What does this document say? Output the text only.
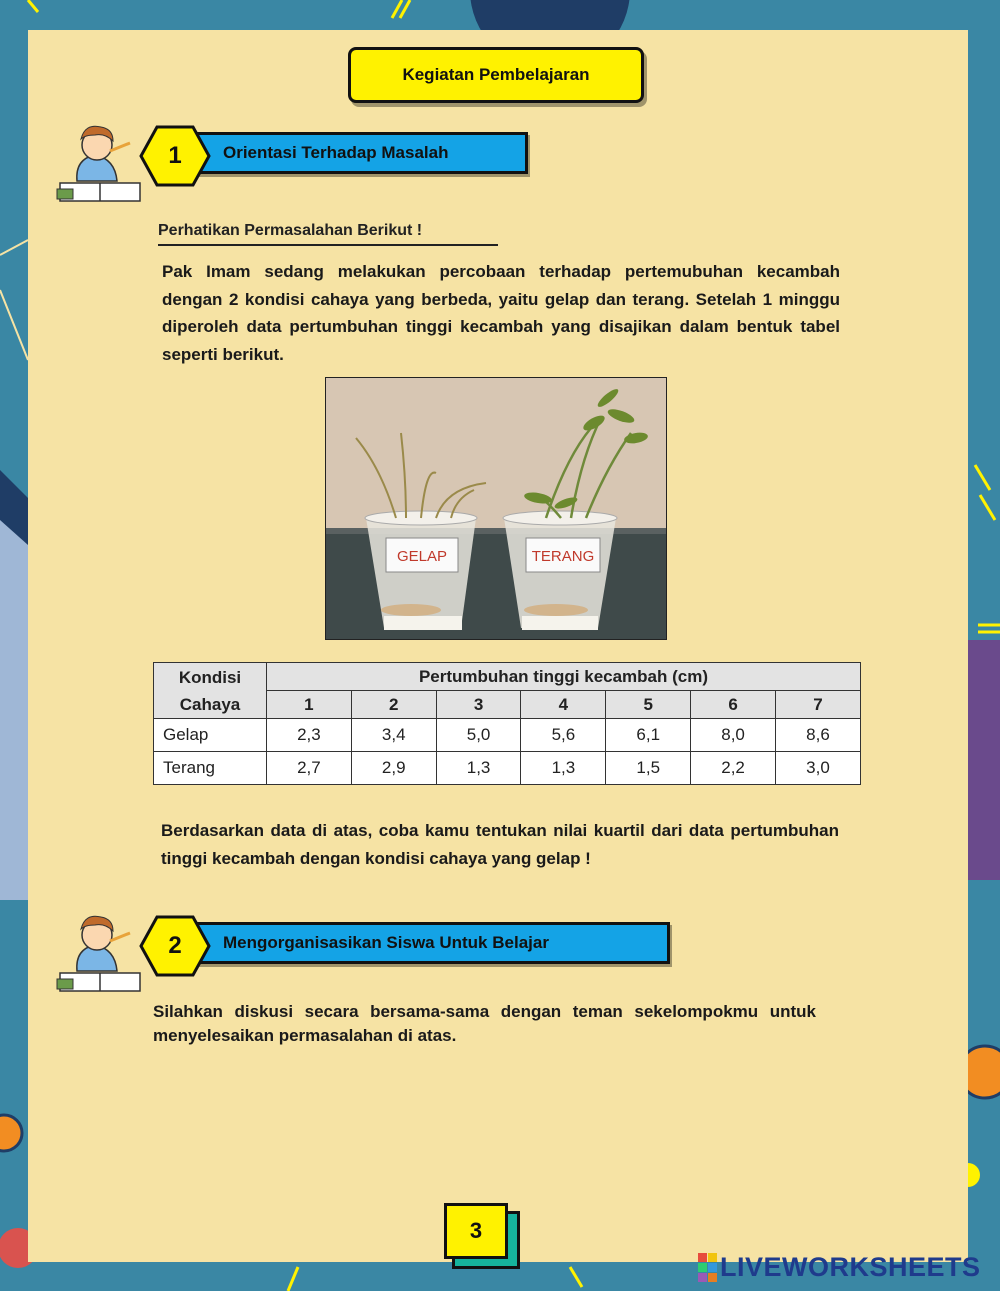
Kegiatan Pembelajaran
Orientasi Terhadap Masalah
1
Perhatikan Permasalahan Berikut !
Pak Imam sedang melakukan percobaan terhadap pertemubuhan kecambah dengan 2 kondisi cahaya yang berbeda, yaitu gelap dan terang. Setelah 1 minggu diperoleh data pertumbuhan tinggi kecambah yang disajikan dalam bentuk tabel seperti berikut.
GELAP	TERANG
Kondisi Cahaya	Pertumbuhan tinggi kecambah (cm)						
	1	2	3	4	5	6	7
Gelap	2,3	3,4	5,0	5,6	6,1	8,0	8,6
Terang	2,7	2,9	1,3	1,3	1,5	2,2	3,0
Berdasarkan data di atas, coba kamu tentukan nilai kuartil dari data pertumbuhan tinggi kecambah dengan kondisi cahaya yang gelap !
Mengorganisasikan Siswa Untuk Belajar
2
Silahkan diskusi secara bersama-sama dengan teman sekelompokmu untuk menyelesaikan permasalahan di atas.
3
LIVEWORKSHEETS
